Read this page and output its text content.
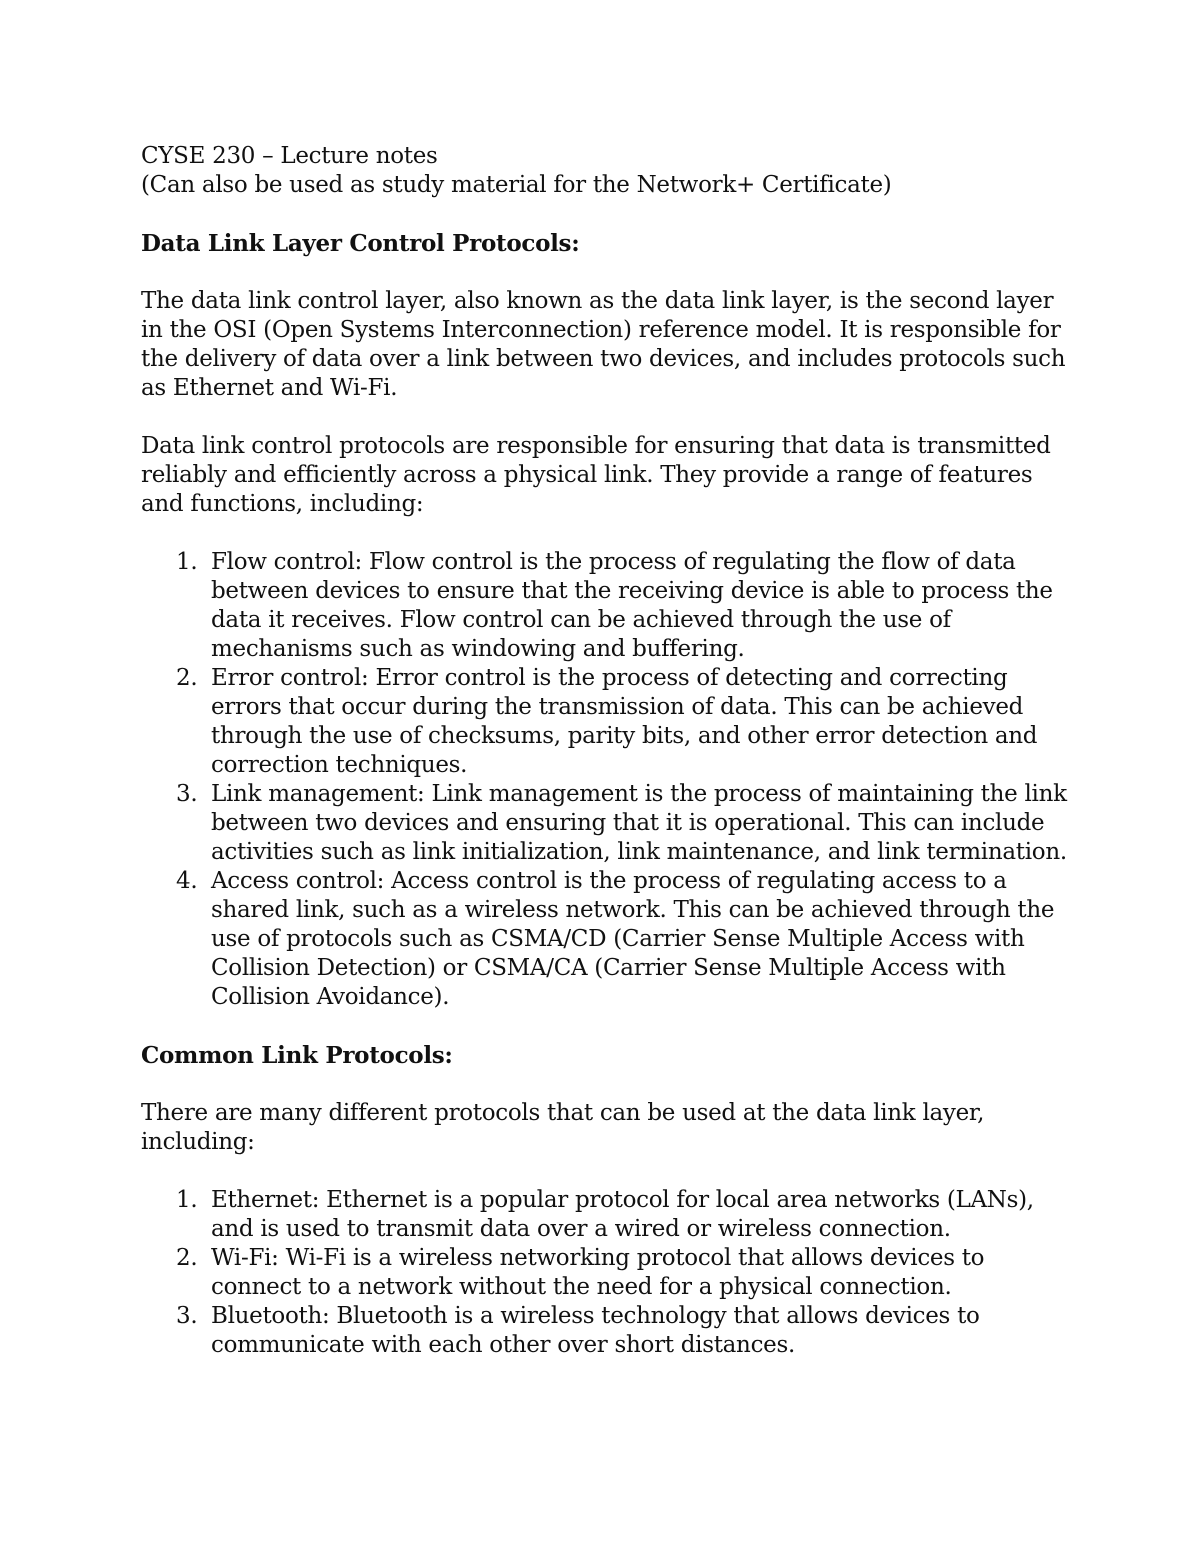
CYSE 230 – Lecture notes

(Can also be used as study material for the Network+ Certificate)

Data Link Layer Control Protocols:

The data link control layer, also known as the data link layer, is the second layer in the OSI (Open Systems Interconnection) reference model. It is responsible for the delivery of data over a link between two devices, and includes protocols such as Ethernet and Wi-Fi.

Data link control protocols are responsible for ensuring that data is transmitted reliably and efficiently across a physical link. They provide a range of features and functions, including:

1. Flow control: Flow control is the process of regulating the flow of data between devices to ensure that the receiving device is able to process the data it receives. Flow control can be achieved through the use of mechanisms such as windowing and buffering.
2. Error control: Error control is the process of detecting and correcting errors that occur during the transmission of data. This can be achieved through the use of checksums, parity bits, and other error detection and correction techniques.
3. Link management: Link management is the process of maintaining the link between two devices and ensuring that it is operational. This can include activities such as link initialization, link maintenance, and link termination.
4. Access control: Access control is the process of regulating access to a shared link, such as a wireless network. This can be achieved through the use of protocols such as CSMA/CD (Carrier Sense Multiple Access with Collision Detection) or CSMA/CA (Carrier Sense Multiple Access with Collision Avoidance).

Common Link Protocols:

There are many different protocols that can be used at the data link layer, including:

1. Ethernet: Ethernet is a popular protocol for local area networks (LANs), and is used to transmit data over a wired or wireless connection.
2. Wi-Fi: Wi-Fi is a wireless networking protocol that allows devices to connect to a network without the need for a physical connection.
3. Bluetooth: Bluetooth is a wireless technology that allows devices to communicate with each other over short distances.
